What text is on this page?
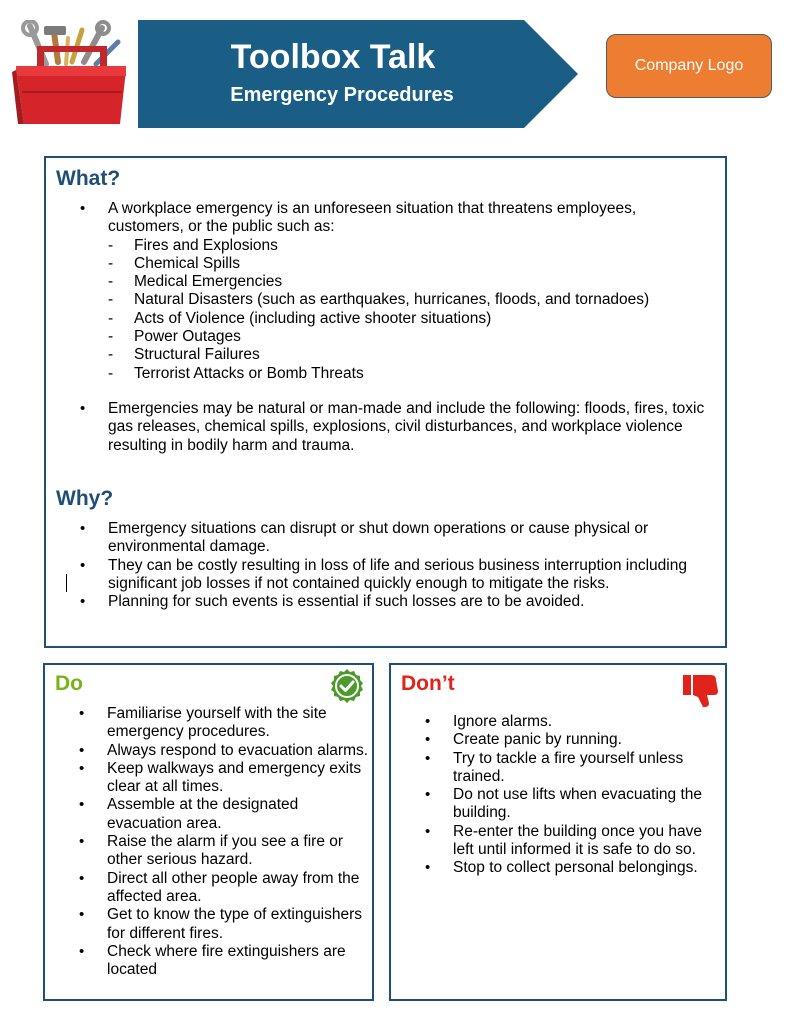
Toolbox Talk
Emergency Procedures
Company Logo
What?
• A workplace emergency is an unforeseen situation that threatens employees, customers, or the public such as:
- Fires and Explosions
- Chemical Spills
- Medical Emergencies
- Natural Disasters (such as earthquakes, hurricanes, floods, and tornadoes)
- Acts of Violence (including active shooter situations)
- Power Outages
- Structural Failures
- Terrorist Attacks or Bomb Threats
• Emergencies may be natural or man-made and include the following: floods, fires, toxic gas releases, chemical spills, explosions, civil disturbances, and workplace violence resulting in bodily harm and trauma.
Why?
• Emergency situations can disrupt or shut down operations or cause physical or environmental damage.
• They can be costly resulting in loss of life and serious business interruption including significant job losses if not contained quickly enough to mitigate the risks.
• Planning for such events is essential if such losses are to be avoided.
Do
• Familiarise yourself with the site emergency procedures.
• Always respond to evacuation alarms.
• Keep walkways and emergency exits clear at all times.
• Assemble at the designated evacuation area.
• Raise the alarm if you see a fire or other serious hazard.
• Direct all other people away from the affected area.
• Get to know the type of extinguishers for different fires.
• Check where fire extinguishers are located
Don’t
• Ignore alarms.
• Create panic by running.
• Try to tackle a fire yourself unless trained.
• Do not use lifts when evacuating the building.
• Re-enter the building once you have left until informed it is safe to do so.
• Stop to collect personal belongings.
